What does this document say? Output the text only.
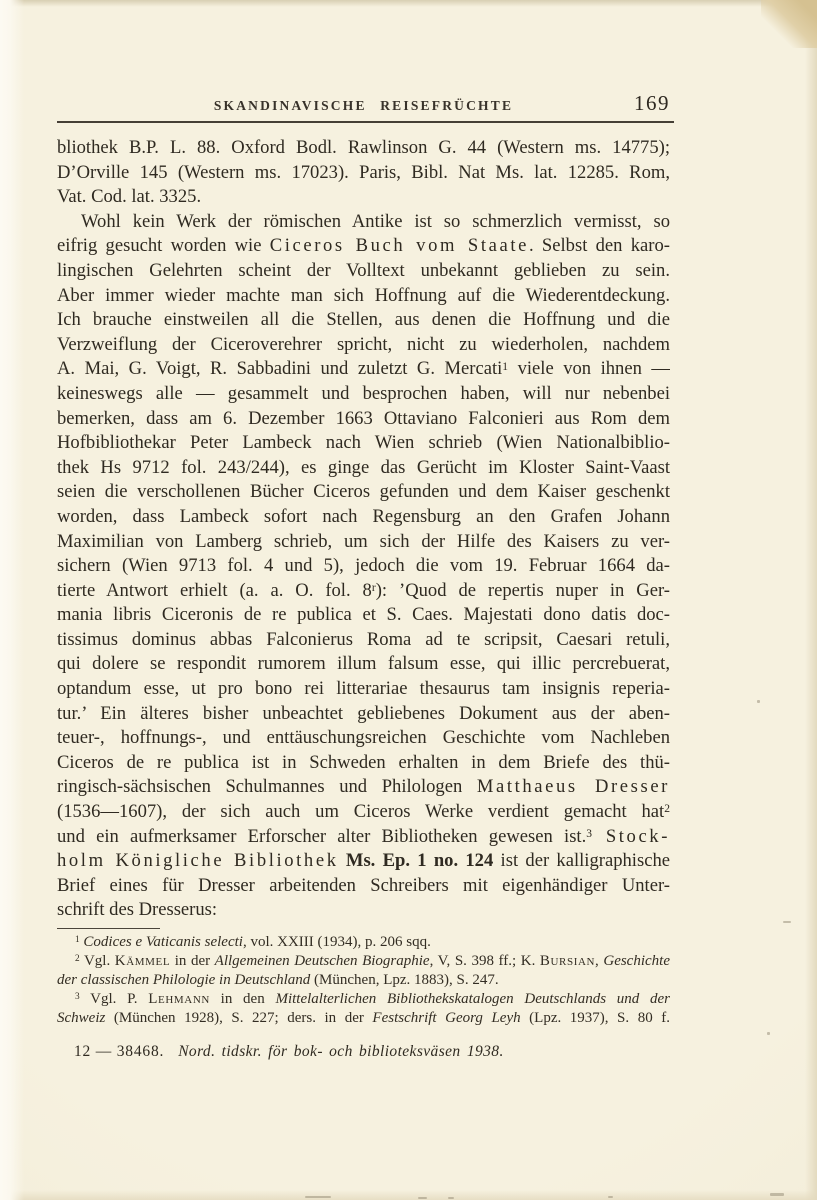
SKANDINAVISCHE REISEFRÜCHTE	169
bliothek B.P. L. 88. Oxford Bodl. Rawlinson G. 44 (Western ms. 14775);
D’Orville 145 (Western ms. 17023). Paris, Bibl. Nat Ms. lat. 12285. Rom,
Vat. Cod. lat. 3325.
Wohl kein Werk der römischen Antike ist so schmerzlich vermisst, so
eifrig gesucht worden wie Ciceros Buch vom Staate. Selbst den karo-
lingischen Gelehrten scheint der Volltext unbekannt geblieben zu sein.
Aber immer wieder machte man sich Hoffnung auf die Wiederentdeckung.
Ich brauche einstweilen all die Stellen, aus denen die Hoffnung und die
Verzweiflung der Ciceroverehrer spricht, nicht zu wiederholen, nachdem
A. Mai, G. Voigt, R. Sabbadini und zuletzt G. Mercati$^1$ viele von ihnen —
keineswegs alle — gesammelt und besprochen haben, will nur nebenbei
bemerken, dass am 6. Dezember 1663 Ottaviano Falconieri aus Rom dem
Hofbibliothekar Peter Lambeck nach Wien schrieb (Wien Nationalbiblio-
thek Hs 9712 fol. 243/244), es ginge das Gerücht im Kloster Saint-Vaast
seien die verschollenen Bücher Ciceros gefunden und dem Kaiser geschenkt
worden, dass Lambeck sofort nach Regensburg an den Grafen Johann
Maximilian von Lamberg schrieb, um sich der Hilfe des Kaisers zu ver-
sichern (Wien 9713 fol. 4 und 5), jedoch die vom 19. Februar 1664 da-
tierte Antwort erhielt (a. a. O. fol. 8$^r$): ’Quod de repertis nuper in Ger-
mania libris Ciceronis de re publica et S. Caes. Majestati dono datis doc-
tissimus dominus abbas Falconierus Roma ad te scripsit, Caesari retuli,
qui dolere se respondit rumorem illum falsum esse, qui illic percrebuerat,
optandum esse, ut pro bono rei litterariae thesaurus tam insignis reperia-
tur.’ Ein älteres bisher unbeachtet gebliebenes Dokument aus der aben-
teuer-, hoffnungs-, und enttäuschungsreichen Geschichte vom Nachleben
Ciceros de re publica ist in Schweden erhalten in dem Briefe des thü-
ringisch-sächsischen Schulmannes und Philologen Matthaeus Dresser
(1536—1607), der sich auch um Ciceros Werke verdient gemacht hat$^2$
und ein aufmerksamer Erforscher alter Bibliotheken gewesen ist.$^3$ Stock-
holm Königliche Bibliothek Ms. Ep. 1 no. 124 ist der kalligraphische
Brief eines für Dresser arbeitenden Schreibers mit eigenhändiger Unter-
schrift des Dresserus:
$^1$ Codices e Vaticanis selecti, vol. XXIII (1934), p. 206 sqq.
$^2$ Vgl. Kämmel in der Allgemeinen Deutschen Biographie, V, S. 398 ff.; K. Bursian, Geschichte
der classischen Philologie in Deutschland (München, Lpz. 1883), S. 247.
$^3$ Vgl. P. Lehmann in den Mittelalterlichen Bibliothekskatalogen Deutschlands und der
Schweiz (München 1928), S. 227; ders. in der Festschrift Georg Leyh (Lpz. 1937), S. 80 f.
12 — 38468. Nord. tidskr. för bok- och biblioteksväsen 1938.
